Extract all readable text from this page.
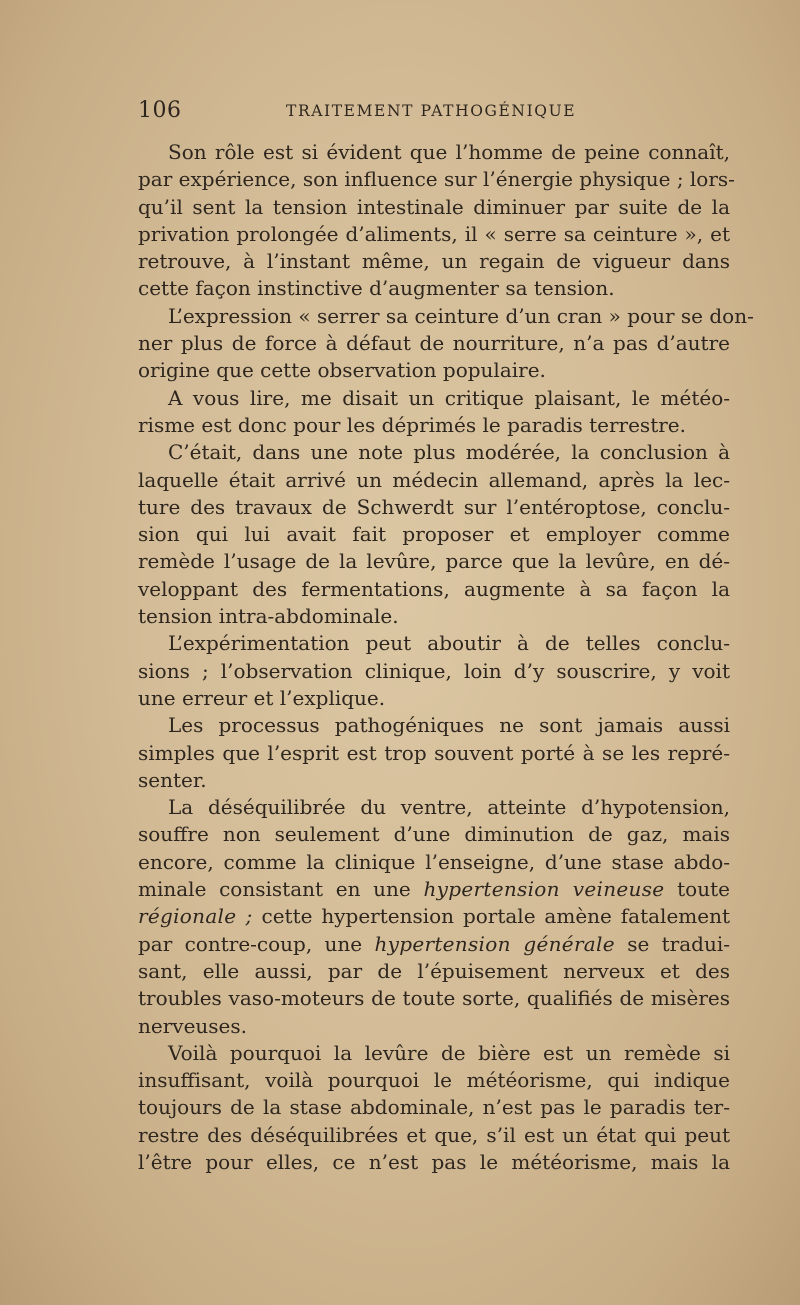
106	TRAITEMENT PATHOGÉNIQUE
Son rôle est si évident que l’homme de peine connaît,
par expérience, son influence sur l’énergie physique ; lors-
qu’il sent la tension intestinale diminuer par suite de la
privation prolongée d’aliments, il « serre sa ceinture », et
retrouve, à l’instant même, un regain de vigueur dans
cette façon instinctive d’augmenter sa tension.
L’expression « serrer sa ceinture d’un cran » pour se don-
ner plus de force à défaut de nourriture, n’a pas d’autre
origine que cette observation populaire.
A vous lire, me disait un critique plaisant, le météo-
risme est donc pour les déprimés le paradis terrestre.
C’était, dans une note plus modérée, la conclusion à
laquelle était arrivé un médecin allemand, après la lec-
ture des travaux de Schwerdt sur l’entéroptose, conclu-
sion qui lui avait fait proposer et employer comme
remède l’usage de la levûre, parce que la levûre, en dé-
veloppant des fermentations, augmente à sa façon la
tension intra-abdominale.
L’expérimentation peut aboutir à de telles conclu-
sions ; l’observation clinique, loin d’y souscrire, y voit
une erreur et l’explique.
Les processus pathogéniques ne sont jamais aussi
simples que l’esprit est trop souvent porté à se les repré-
senter.
La déséquilibrée du ventre, atteinte d’hypotension,
souffre non seulement d’une diminution de gaz, mais
encore, comme la clinique l’enseigne, d’une stase abdo-
minale consistant en une hypertension veineuse toute
régionale ; cette hypertension portale amène fatalement
par contre-coup, une hypertension générale se tradui-
sant, elle aussi, par de l’épuisement nerveux et des
troubles vaso-moteurs de toute sorte, qualifiés de misères
nerveuses.
Voilà pourquoi la levûre de bière est un remède si
insuffisant, voilà pourquoi le météorisme, qui indique
toujours de la stase abdominale, n’est pas le paradis ter-
restre des déséquilibrées et que, s’il est un état qui peut
l’être pour elles, ce n’est pas le météorisme, mais la
